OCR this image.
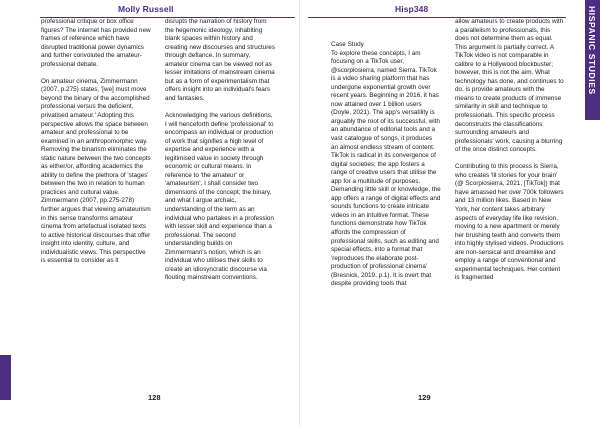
Molly Russell

professional critique or box office figures? The internet has provided new frames of reference which have disrupted traditional power dynamics and further convoluted the amateur-professional debate.

On amateur cinema, Zimmermann (2007, p.275) states, '[we] must move beyond the binary of the accomplished professional versus the deficient, privatised amateur.' Adopting this perspective allows the space between amateur and professional to be examined in an anthropomorphic way. Removing the binarism eliminates the static nature between the two concepts as either/or, affording academics the ability to define the plethora of 'stages' between the two in relation to human practices and cultural value. Zimmermann (2007, pp.275-278) further argues that viewing amateurism in this sense transforms amateur cinema from artefactual isolated texts to active historical discourses that offer insight into identity, culture, and individualistic views. This perspective is essential to consider as it

disrupts the narration of history from the hegemonic ideology, inhabiting blank spaces within history and creating new discourses and structures through defiance. In summary, amateur cinema can be viewed not as lesser imitations of mainstream cinema but as a form of experimentalism that offers insight into an individual's fears and fantasies.

Acknowledging the various definitions, I will henceforth define 'professional' to encompass an individual or production of work that signifies a high level of expertise and experience with a legitimised value in society through economic or cultural means. In reference to 'the amateur' or 'amateurism', I shall consider two dimensions of the concept; the binary, and what I argue archaic, understanding of the term as an individual who partakes in a profession with lesser skill and experience than a professional. The second understanding builds on Zimmermann's notion, which is an individual who utilises their skills to create an idiosyncratic discourse via flouting mainstream conventions.

128
Hisp348

Case Study
To explore these concepts, I am focusing on a TikTok user, @scorpiosierra, named Sierra. TikTok is a video sharing platform that has undergone exponential growth over recent years. Beginning in 2016, it has now attained over 1 billion users (Doyle, 2021). The app's versatility is arguably the root of its successful, with an abundance of editorial tools and a vast catalogue of songs, it produces an almost endless stream of content. TikTok is radical in its convergence of digital societies; the app fosters a range of creative users that utilise the app for a multitude of purposes. Demanding little skill or knowledge, the app offers a range of digital effects and sounds functions to create intricate videos in an intuitive format. These functions demonstrate how TikTok affords the compression of professional skills, such as editing and special effects, into a format that 'reproduces the elaborate post-production of professional cinema' (Bresnick, 2019, p.1). It is overt that despite providing tools that

allow amateurs to create products with a parallelism to professionals, this does not determine them as equal. This argument is partially correct. A TikTok video is not comparable in calibre to a Hollywood blockbuster; however, this is not the aim. What technology has done, and continues to do, is provide amateurs with the means to create products of immense similarity in skill and technique to professionals. This specific process deconstructs the classifications surrounding amateurs and professionals' work, causing a blurring of the once distinct concepts.

Contributing to this process is Sierra, who creates 'lil stories for your brain' (@ Scorpiosierra, 2021, [TikTok]) that have amassed her over 700k followers and 13 million likes. Based in New York, her content takes arbitrary aspects of everyday life like revision, moving to a new apartment or merely her brushing teeth and converts them into highly stylised videos. Productions are non-sensical and dreamlike and employ a range of conventional and experimental techniques. Her content is fragmented

129
HISPANIC STUDIES
